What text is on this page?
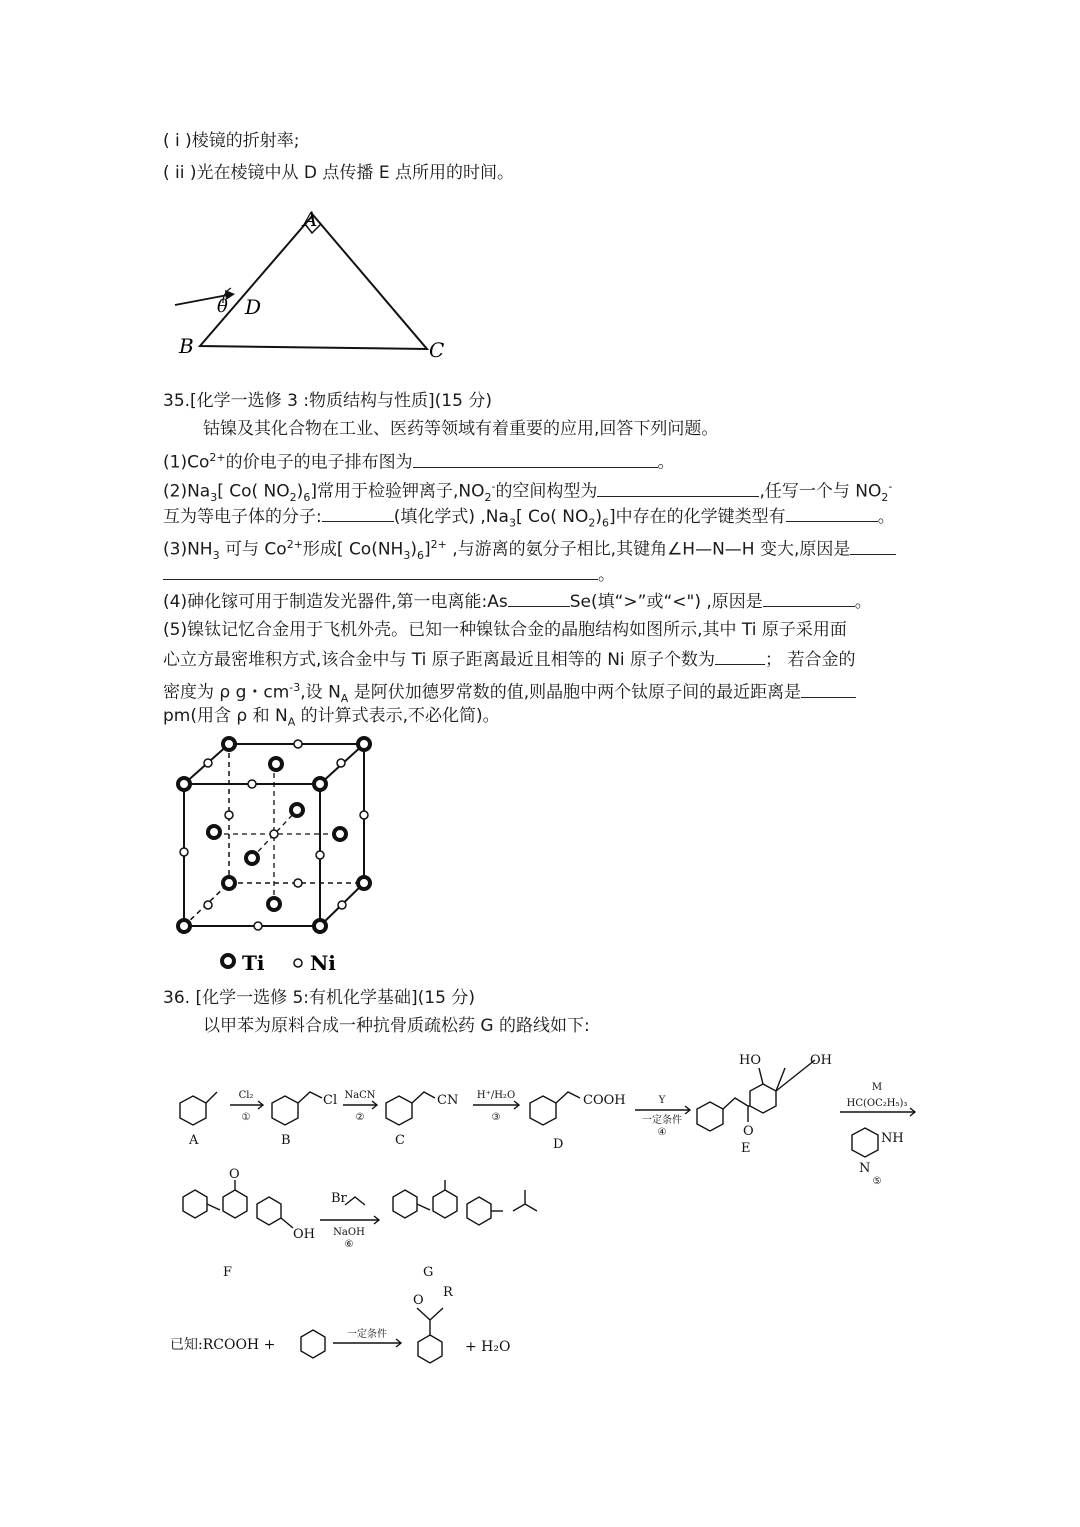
( i )棱镜的折射率;
( ii )光在棱镜中从 D 点传播 E 点所用的时间。
θ
A
D
B	C
35.[化学一选修 3 :物质结构与性质](15 分)
钴镍及其化合物在工业、医药等领域有着重要的应用,回答下列问题。
$(1)Co^{2+}$的价电子的电子排布图为	。
$(2)Na_3$[ Co( $NO_2)_6$]常用于检验钾离子$,NO_2^-$的空间构型为	,任写一个与 $NO_2^-$
互为等电子体的分子:	(填化学式) $,Na_3$[ Co( $NO_2)_6$]中存在的化学键类型有	。
$(3)NH_3$ 可与 $Co^{2+}$形成[ $Co(NH_3)_6]^{2+}$ ,与游离的氨分子相比,其键角∠H—N—H 变大,原因是
。
(4)砷化镓可用于制造发光器件,第一电离能:As	Se(填“>”或“<") ,原因是	。
(5)镍钛记忆合金用于飞机外壳。已知一种镍钛合金的晶胞结构如图所示,其中 Ti 原子采用面
心立方最密堆积方式,该合金中与 Ti 原子距离最近且相等的 Ni 原子个数为	； 若合金的
密度为 ρ g・$cm^{-3}$,设 $N_A$ 是阿伏加德罗常数的值,则晶胞中两个钛原子间的最近距离是
pm(用含 ρ 和 $N_A$ 的计算式表示,不必化简)。
Ti Ni
36. [化学一选修 5:有机化学基础](15 分)
以甲苯为原料合成一种抗骨质疏松药 G 的路线如下:
A
Cl
B
CN
C
COOH
D
HO	OH
O
E
NH
N
F
OH
O
Br
G
O
R
Cl₂
①
NaCN
②
H⁺/H₂O
③
Y
一定条件
④
M
HC(OC₂H₅)₃
⑤
NaOH
⑥
一定条件
已知:RCOOH +	+ H₂O
